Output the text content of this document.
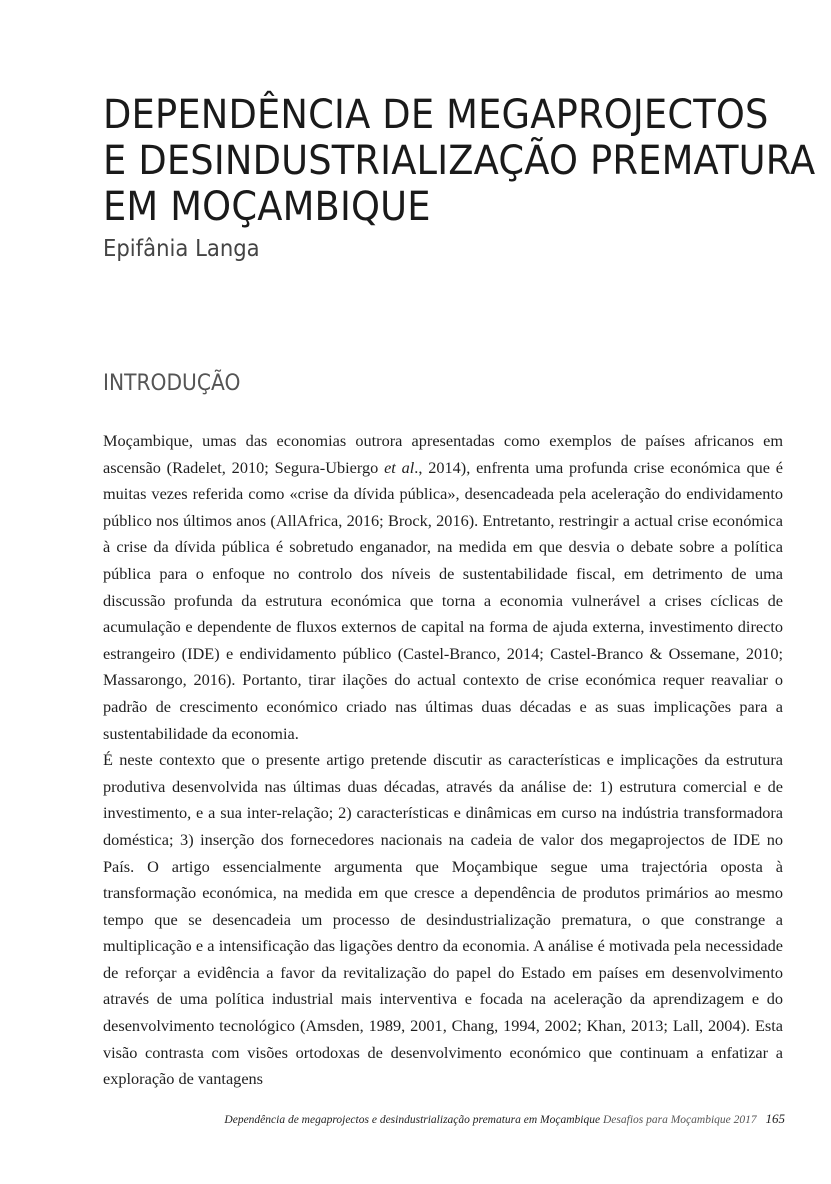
DEPENDÊNCIA DE MEGAPROJECTOS
E DESINDUSTRIALIZAÇÃO PREMATURA
EM MOÇAMBIQUE
Epifânia Langa
INTRODUÇÃO

Moçambique, umas das economias outrora apresentadas como exemplos de países africanos em ascensão (Radelet, 2010; Segura-Ubiergo et al., 2014), enfrenta uma profunda crise económica que é muitas vezes referida como «crise da dívida pública», desencadeada pela aceleração do endividamento público nos últimos anos (AllAfrica, 2016; Brock, 2016). Entretanto, restringir a actual crise económica à crise da dívida pública é sobretudo enganador, na medida em que desvia o debate sobre a política pública para o enfoque no controlo dos níveis de sustentabilidade fiscal, em detrimento de uma discussão profunda da estrutura económica que torna a economia vulnerável a crises cíclicas de acumulação e dependente de fluxos externos de capital na forma de ajuda externa, investimento directo estrangeiro (IDE) e endividamento público (Castel-Branco, 2014; Castel-Branco & Ossemane, 2010; Massarongo, 2016). Portanto, tirar ilações do actual contexto de crise económica requer reavaliar o padrão de crescimento económico criado nas últimas duas décadas e as suas implicações para a sustentabilidade da economia.

É neste contexto que o presente artigo pretende discutir as características e implicações da estrutura produtiva desenvolvida nas últimas duas décadas, através da análise de: 1) estrutura comercial e de investimento, e a sua inter-relação; 2) características e dinâmicas em curso na indústria transformadora doméstica; 3) inserção dos fornecedores nacionais na cadeia de valor dos megaprojectos de IDE no País. O artigo essencialmente argumenta que Moçambique segue uma trajectória oposta à transformação económica, na medida em que cresce a dependência de produtos primários ao mesmo tempo que se desencadeia um processo de desindustrialização prematura, o que constrange a multiplicação e a intensificação das ligações dentro da economia. A análise é motivada pela necessidade de reforçar a evidência a favor da revitalização do papel do Estado em países em desenvolvimento através de uma política industrial mais interventiva e focada na aceleração da aprendizagem e do desenvolvimento tecnológico (Amsden, 1989, 2001, Chang, 1994, 2002; Khan, 2013; Lall, 2004). Esta visão contrasta com visões ortodoxas de desenvolvimento económico que continuam a enfatizar a exploração de vantagens

Dependência de megaprojectos e desindustrialização prematura em Moçambique Desafios para Moçambique 2017 165
